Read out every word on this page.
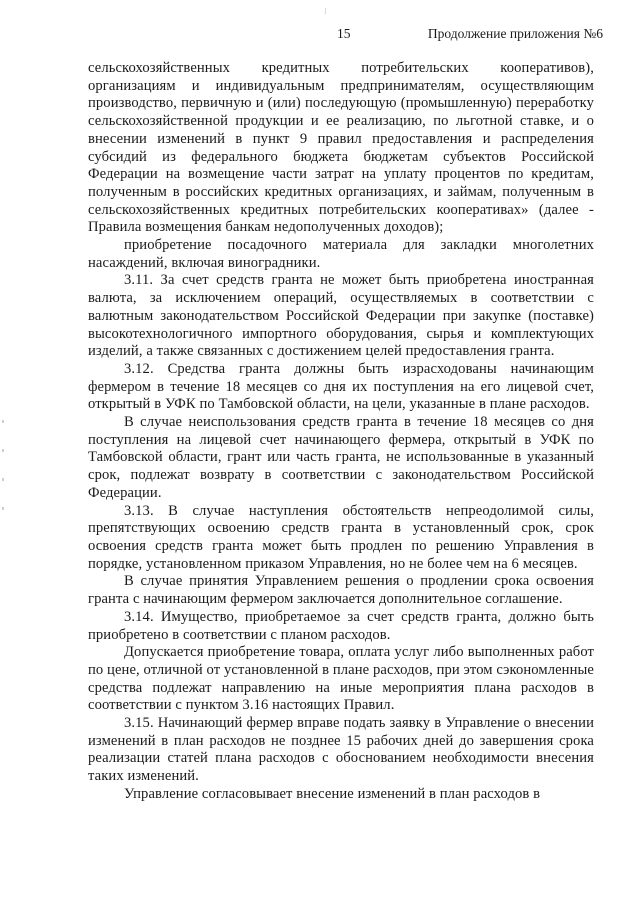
15	Продолжение приложения №6

сельскохозяйственных кредитных потребительских кооперативов), организациям и индивидуальным предпринимателям, осуществляющим производство, первичную и (или) последующую (промышленную) переработку сельскохозяйственной продукции и ее реализацию, по льготной ставке, и о внесении изменений в пункт 9 правил предоставления и распределения субсидий из федерального бюджета бюджетам субъектов Российской Федерации на возмещение части затрат на уплату процентов по кредитам, полученным в российских кредитных организациях, и займам, полученным в сельскохозяйственных кредитных потребительских кооперативах» (далее - Правила возмещения банкам недополученных доходов);

приобретение посадочного материала для закладки многолетних насаждений, включая виноградники.

3.11. За счет средств гранта не может быть приобретена иностранная валюта, за исключением операций, осуществляемых в соответствии с валютным законодательством Российской Федерации при закупке (поставке) высокотехнологичного импортного оборудования, сырья и комплектующих изделий, а также связанных с достижением целей предоставления гранта.

3.12. Средства гранта должны быть израсходованы начинающим фермером в течение 18 месяцев со дня их поступления на его лицевой счет, открытый в УФК по Тамбовской области, на цели, указанные в плане расходов.

В случае неиспользования средств гранта в течение 18 месяцев со дня поступления на лицевой счет начинающего фермера, открытый в УФК по Тамбовской области, грант или часть гранта, не использованные в указанный срок, подлежат возврату в соответствии с законодательством Российской Федерации.

3.13. В случае наступления обстоятельств непреодолимой силы, препятствующих освоению средств гранта в установленный срок, срок освоения средств гранта может быть продлен по решению Управления в порядке, установленном приказом Управления, но не более чем на 6 месяцев.

В случае принятия Управлением решения о продлении срока освоения гранта с начинающим фермером заключается дополнительное соглашение.

3.14. Имущество, приобретаемое за счет средств гранта, должно быть приобретено в соответствии с планом расходов.

Допускается приобретение товара, оплата услуг либо выполненных работ по цене, отличной от установленной в плане расходов, при этом сэкономленные средства подлежат направлению на иные мероприятия плана расходов в соответствии с пунктом 3.16 настоящих Правил.

3.15. Начинающий фермер вправе подать заявку в Управление о внесении изменений в план расходов не позднее 15 рабочих дней до завершения срока реализации статей плана расходов с обоснованием необходимости внесения таких изменений.

Управление согласовывает внесение изменений в план расходов в
